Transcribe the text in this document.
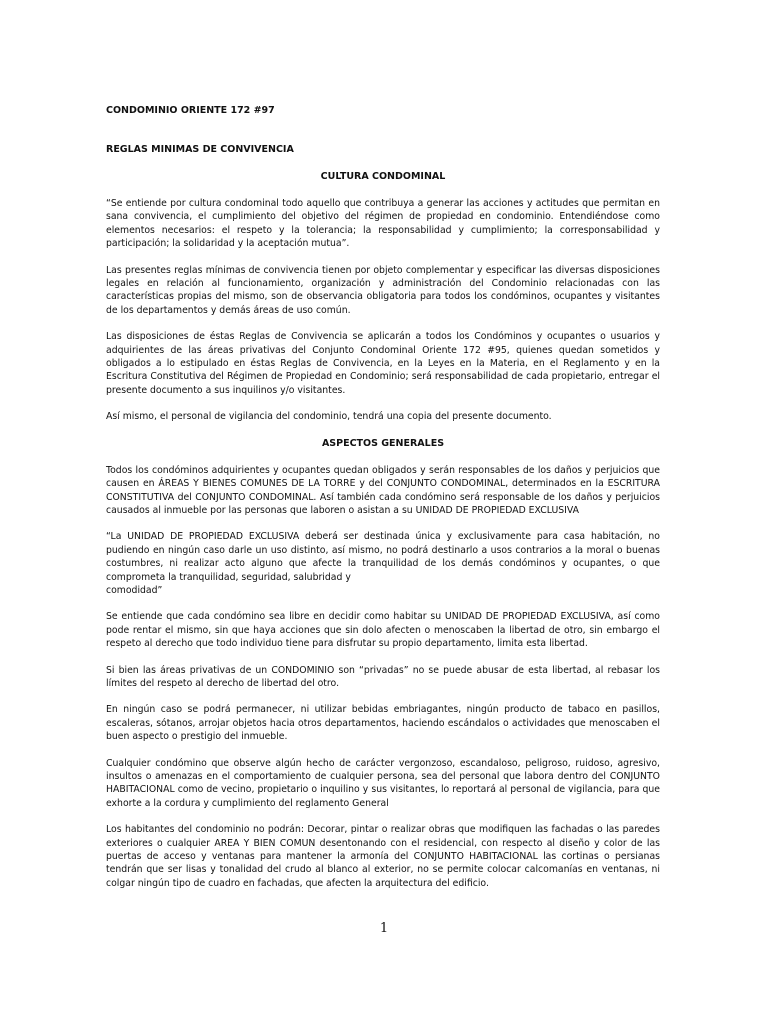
CONDOMINIO ORIENTE 172 #97

REGLAS MINIMAS DE CONVIVENCIA

CULTURA CONDOMINAL

“Se entiende por cultura condominal todo aquello que contribuya a generar las acciones y actitudes que permitan en sana convivencia, el cumplimiento del objetivo del régimen de propiedad en condominio. Entendiéndose como elementos necesarios: el respeto y la tolerancia; la responsabilidad y cumplimiento; la corresponsabilidad y participación; la solidaridad y la aceptación mutua”.

Las presentes reglas mínimas de convivencia tienen por objeto complementar y especificar las diversas disposiciones legales en relación al funcionamiento, organización y administración del Condominio relacionadas con las características propias del mismo, son de observancia obligatoria para todos los condóminos, ocupantes y visitantes de los departamentos y demás áreas de uso común.

Las disposiciones de éstas Reglas de Convivencia se aplicarán a todos los Condóminos y ocupantes o usuarios y adquirientes de las áreas privativas del Conjunto Condominal Oriente 172 #95, quienes quedan sometidos y obligados a lo estipulado en éstas Reglas de Convivencia, en la Leyes en la Materia, en el Reglamento y en la Escritura Constitutiva del Régimen de Propiedad en Condominio; será responsabilidad de cada propietario, entregar el presente documento a sus inquilinos y/o visitantes.

Así mismo, el personal de vigilancia del condominio, tendrá una copia del presente documento.

ASPECTOS GENERALES

Todos los condóminos adquirientes y ocupantes quedan obligados y serán responsables de los daños y perjuicios que causen en ÁREAS Y BIENES COMUNES DE LA TORRE y del CONJUNTO CONDOMINAL, determinados en la ESCRITURA CONSTITUTIVA del CONJUNTO CONDOMINAL. Así también cada condómino será responsable de los daños y perjuicios causados al inmueble por las personas que laboren o asistan a su UNIDAD DE PROPIEDAD EXCLUSIVA

“La UNIDAD DE PROPIEDAD EXCLUSIVA deberá ser destinada única y exclusivamente para casa habitación, no pudiendo en ningún caso darle un uso distinto, así mismo, no podrá destinarlo a usos contrarios a la moral o buenas costumbres, ni realizar acto alguno que afecte la tranquilidad de los demás condóminos y ocupantes, o que comprometa la tranquilidad, seguridad, salubridad y
comodidad”

Se entiende que cada condómino sea libre en decidir como habitar su UNIDAD DE PROPIEDAD EXCLUSIVA, así como pode rentar el mismo, sin que haya acciones que sin dolo afecten o menoscaben la libertad de otro, sin embargo el respeto al derecho que todo individuo tiene para disfrutar su propio departamento, limita esta libertad.

Si bien las áreas privativas de un CONDOMINIO son “privadas” no se puede abusar de esta libertad, al rebasar los límites del respeto al derecho de libertad del otro.

En ningún caso se podrá permanecer, ni utilizar bebidas embriagantes, ningún producto de tabaco en pasillos, escaleras, sótanos, arrojar objetos hacia otros departamentos, haciendo escándalos o actividades que menoscaben el buen aspecto o prestigio del inmueble.

Cualquier condómino que observe algún hecho de carácter vergonzoso, escandaloso, peligroso, ruidoso, agresivo, insultos o amenazas en el comportamiento de cualquier persona, sea del personal que labora dentro del CONJUNTO HABITACIONAL como de vecino, propietario o inquilino y sus visitantes, lo reportará al personal de vigilancia, para que exhorte a la cordura y cumplimiento del reglamento General

Los habitantes del condominio no podrán: Decorar, pintar o realizar obras que modifiquen las fachadas o las paredes exteriores o cualquier AREA Y BIEN COMUN desentonando con el residencial, con respecto al diseño y color de las puertas de acceso y ventanas para mantener la armonía del CONJUNTO HABITACIONAL las cortinas o persianas tendrán que ser lisas y tonalidad del crudo al blanco al exterior, no se permite colocar calcomanías en ventanas, ni colgar ningún tipo de cuadro en fachadas, que afecten la arquitectura del edificio.

1
